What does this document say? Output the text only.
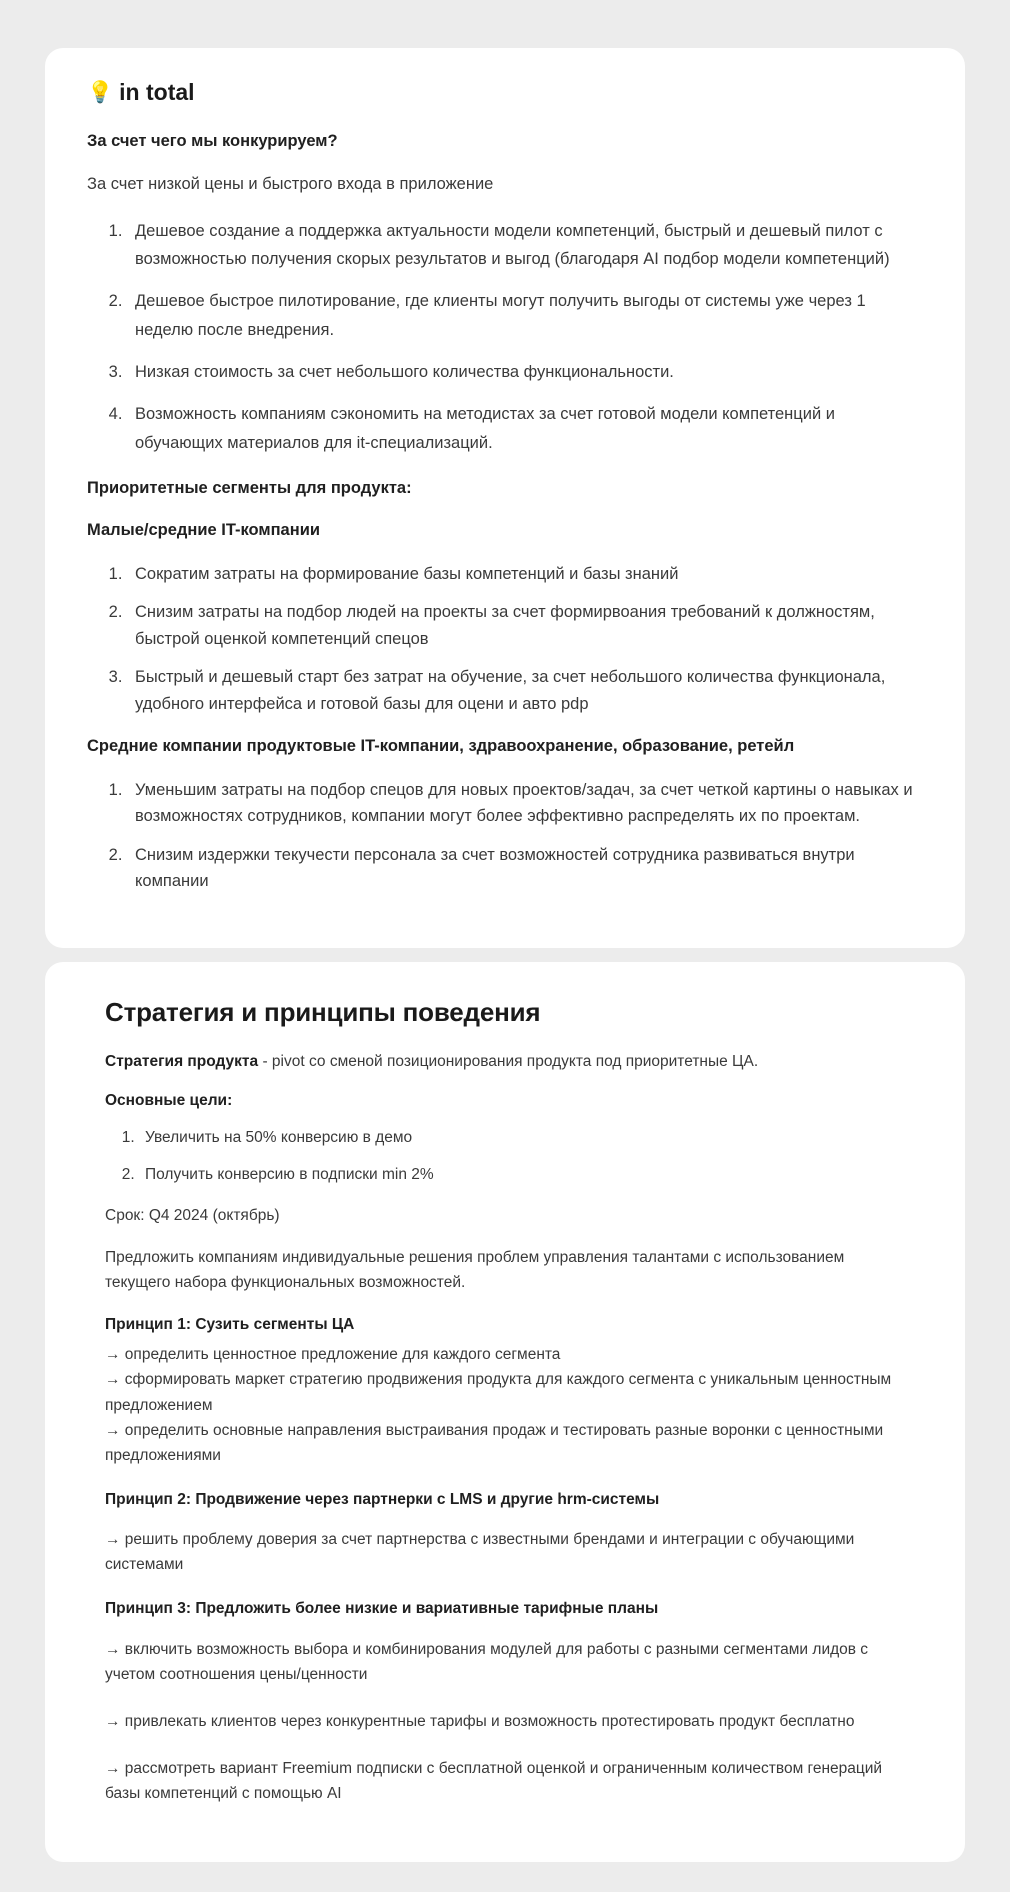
💡 in total
За счет чего мы конкурируем?

За счет низкой цены и быстрого входа в приложение

1. Дешевое создание а поддержка актуальности модели компетенций, быстрый и дешевый пилот с возможностью получения скорых результатов и выгод (благодаря AI подбор модели компетенций)
2. Дешевое быстрое пилотирование, где клиенты могут получить выгоды от системы уже через 1 неделю после внедрения.
3. Низкая стоимость за счет небольшого количества функциональности.
4. Возможность компаниям сэкономить на методистах за счет готовой модели компетенций и обучающих материалов для it-специализаций.
Приоритетные сегменты для продукта:
Малые/средние IT-компании
1. Сократим затраты на формирование базы компетенций и базы знаний
2. Снизим затраты на подбор людей на проекты за счет формирвоания требований к должностям, быстрой оценкой компетенций спецов
3. Быстрый и дешевый старт без затрат на обучение, за счет небольшого количества функционала, удобного интерфейса и готовой базы для оцени и авто pdp
Средние компании продуктовые IT-компании, здравоохранение, образование, ретейл
1. Уменьшим затраты на подбор спецов для новых проектов/задач, за счет четкой картины о навыках и возможностях сотрудников, компании могут более эффективно распределять их по проектам.
2. Снизим издержки текучести персонала за счет возможностей сотрудника развиваться внутри компании
Стратегия и принципы поведения

Стратегия продукта - pivot со сменой позиционирования продукта под приоритетные ЦА.

Основные цели:
1. Увеличить на 50% конверсию в демо
2. Получить конверсию в подписки min 2%

Срок: Q4 2024 (октябрь)

Предложить компаниям индивидуальные решения проблем управления талантами с использованием текущего набора функциональных возможностей.

Принцип 1: Сузить сегменты ЦА

→ определить ценностное предложение для каждого сегмента

→ сформировать маркет стратегию продвижения продукта для каждого сегмента с уникальным ценностным предложением

→ определить основные направления выстраивания продаж и тестировать разные воронки с ценностными предложениями

Принцип 2: Продвижение через партнерки с LMS и другие hrm-системы

→ решить проблему доверия за счет партнерства с известными брендами и интеграции с обучающими системами

Принцип 3: Предложить более низкие и вариативные тарифные планы

→ включить возможность выбора и комбинирования модулей для работы с разными сегментами лидов с учетом соотношения цены/ценности

→ привлекать клиентов через конкурентные тарифы и возможность протестировать продукт бесплатно

→ рассмотреть вариант Freemium подписки с бесплатной оценкой и ограниченным количеством генераций базы компетенций с помощью AI
